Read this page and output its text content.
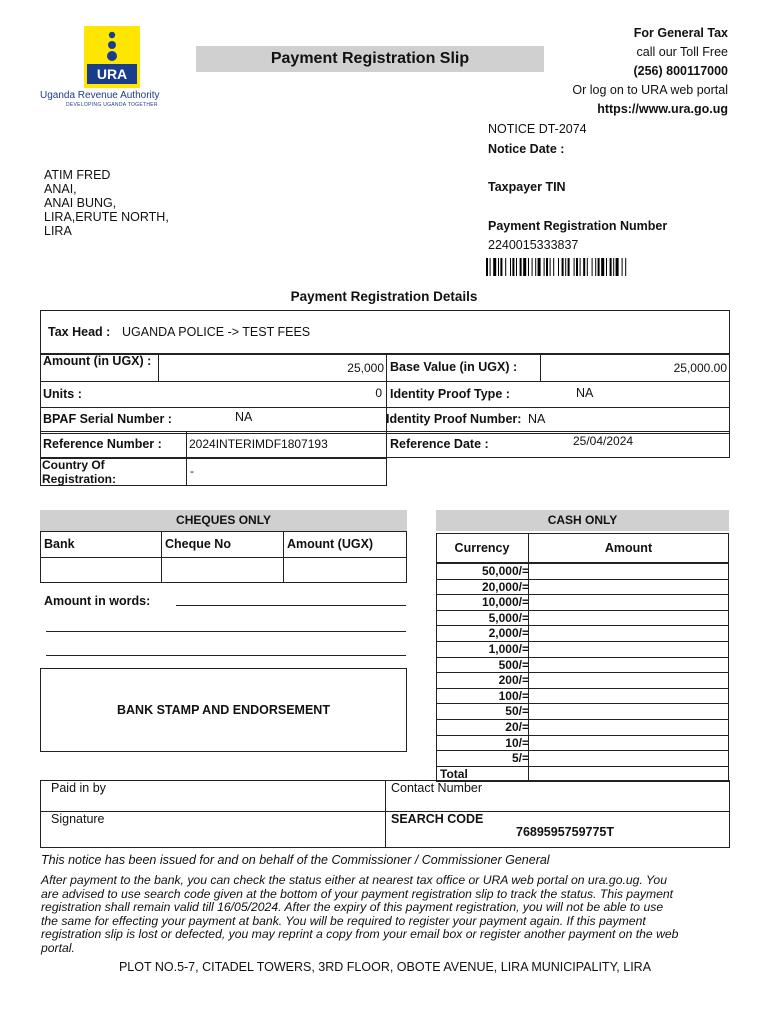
URA
Uganda Revenue Authority
DEVELOPING UGANDA TOGETHER
Payment Registration Slip
For General Tax
call our Toll Free
(256) 800117000
Or log on to URA web portal
https://www.ura.go.ug
NOTICE DT-2074
Notice Date :
Taxpayer TIN
Payment Registration Number
2240015333837
ATIM FRED
ANAI,
ANAI BUNG,
LIRA,ERUTE NORTH,
LIRA
Payment Registration Details
Tax Head : UGANDA POLICE -> TEST FEES
Amount (in UGX) :	25,000 Base Value (in UGX) :	25,000.00
Units :	0 Identity Proof Type :	NA
BPAF Serial Number :	NA	Identity Proof Number: NA
Reference Number : 2024INTERIMDF1807193	Reference Date :	25/04/2024
Country Of
Registration:
-
CHEQUES ONLY
Bank	Cheque No	Amount (UGX)
Amount in words:
BANK STAMP AND ENDORSEMENT
CASH ONLY
Currency	Amount
50,000/=
20,000/=
10,000/=
5,000/=
2,000/=
1,000/=
500/=
200/=
100/=
50/=
20/=
10/=
5/=
Total
Paid in by	Contact Number
Signature	SEARCH CODE
7689595759775T
This notice has been issued for and on behalf of the Commissioner / Commissioner General
After payment to the bank, you can check the status either at nearest tax office or URA web portal on ura.go.ug. You
are advised to use search code given at the bottom of your payment registration slip to track the status. This payment
registration shall remain valid till 16/05/2024. After the expiry of this payment registration, you will not be able to use
the same for effecting your payment at bank. You will be required to register your payment again. If this payment
registration slip is lost or defected, you may reprint a copy from your email box or register another payment on the web
portal.
PLOT NO.5-7, CITADEL TOWERS, 3RD FLOOR, OBOTE AVENUE, LIRA MUNICIPALITY, LIRA
